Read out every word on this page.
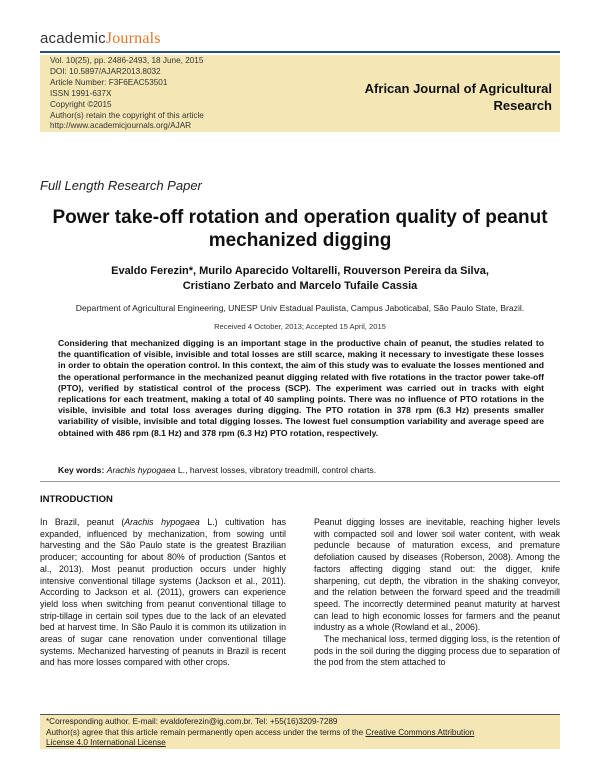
academicJournals
Vol. 10(25), pp. 2486-2493, 18 June, 2015
DOI: 10.5897/AJAR2013.8032
Article Number: F3F6EAC53501
ISSN 1991-637X
Copyright ©2015
Author(s) retain the copyright of this article
http://www.academicjournals.org/AJAR
African Journal of Agricultural
Research
Full Length Research Paper
Power take-off rotation and operation quality of peanut
mechanized digging
Evaldo Ferezin*, Murilo Aparecido Voltarelli, Rouverson Pereira da Silva,
Cristiano Zerbato and Marcelo Tufaile Cassia
Department of Agricultural Engineering, UNESP Univ Estadual Paulista, Campus Jaboticabal, São Paulo State, Brazil.
Received 4 October, 2013; Accepted 15 April, 2015
Considering that mechanized digging is an important stage in the productive chain of peanut, the studies related to the quantification of visible, invisible and total losses are still scarce, making it necessary to investigate these losses in order to obtain the operation control. In this context, the aim of this study was to evaluate the losses mentioned and the operational performance in the mechanized peanut digging related with five rotations in the tractor power take-off (PTO), verified by statistical control of the process (SCP). The experiment was carried out in tracks with eight replications for each treatment, making a total of 40 sampling points. There was no influence of PTO rotations in the visible, invisible and total loss averages during digging. The PTO rotation in 378 rpm (6.3 Hz) presents smaller variability of visible, invisible and total digging losses. The lowest fuel consumption variability and average speed are obtained with 486 rpm (8.1 Hz) and 378 rpm (6.3 Hz) PTO rotation, respectively.
Key words: Arachis hypogaea L., harvest losses, vibratory treadmill, control charts.
INTRODUCTION

In Brazil, peanut (Arachis hypogaea L.) cultivation has expanded, influenced by mechanization, from sowing until harvesting and the São Paulo state is the greatest Brazilian producer; accounting for about 80% of production (Santos et al., 2013). Most peanut production occurs under highly intensive conventional tillage systems (Jackson et al., 2011). According to Jackson et al. (2011), growers can experience yield loss when switching from peanut conventional tillage to strip-tillage in certain soil types due to the lack of an elevated bed at harvest time. In São Paulo it is common its utilization in areas of sugar cane renovation under conventional tillage systems. Mechanized harvesting of peanuts in Brazil is recent and has more losses compared with other crops.

Peanut digging losses are inevitable, reaching higher levels with compacted soil and lower soil water content, with weak peduncle because of maturation excess, and premature defoliation caused by diseases (Roberson, 2008). Among the factors affecting digging stand out: the digger, knife sharpening, cut depth, the vibration in the shaking conveyor, and the relation between the forward speed and the treadmill speed. The incorrectly determined peanut maturity at harvest can lead to high economic losses for farmers and the peanut industry as a whole (Rowland et al., 2006).

The mechanical loss, termed digging loss, is the retention of pods in the soil during the digging process due to separation of the pod from the stem attached to

*Corresponding author. E-mail: evaldoferezin@ig.com.br. Tel: +55(16)3209-7289
Author(s) agree that this article remain permanently open access under the terms of the Creative Commons Attribution
License 4.0 International License
